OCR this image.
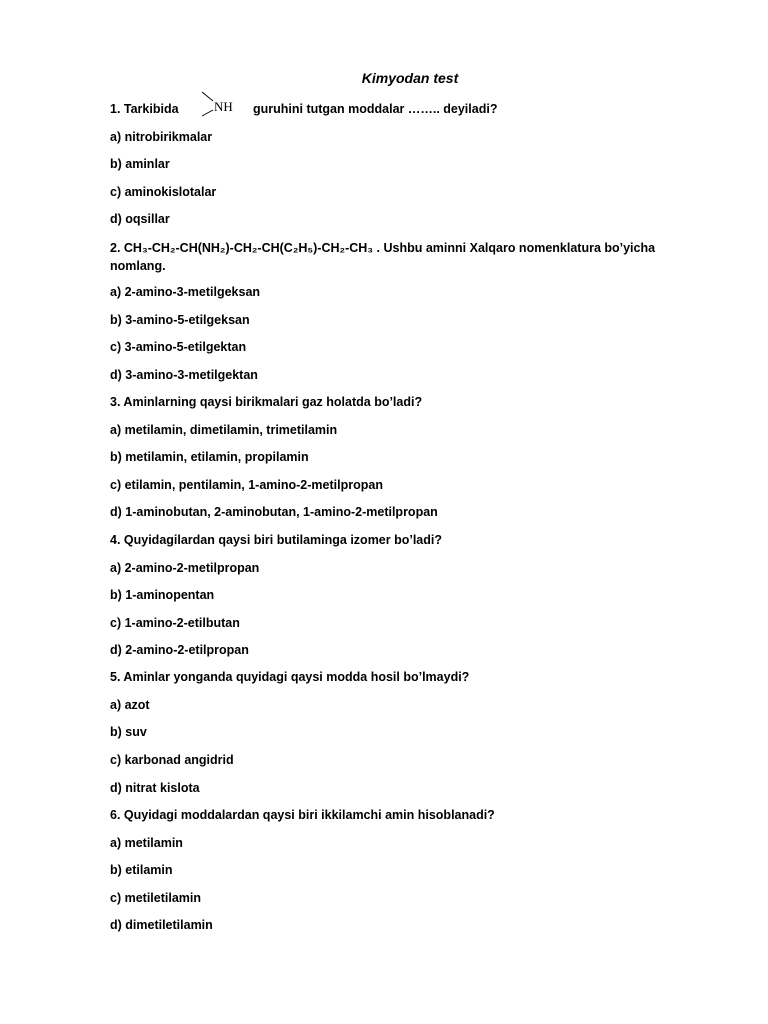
Kimyodan test
1. Tarkibida	NH guruhini tutgan moddalar …….. deyiladi?
a) nitrobirikmalar
b) aminlar
c) aminokislotalar
d) oqsillar
2. CH₃-CH₂-CH(NH₂)-CH₂-CH(C₂H₅)-CH₂-CH₃ . Ushbu aminni Xalqaro nomenklatura bo’yicha nomlang.
a) 2-amino-3-metilgeksan
b) 3-amino-5-etilgeksan
c) 3-amino-5-etilgektan
d) 3-amino-3-metilgektan
3. Aminlarning qaysi birikmalari gaz holatda bo’ladi?
a) metilamin, dimetilamin, trimetilamin
b) metilamin, etilamin, propilamin
c) etilamin, pentilamin, 1-amino-2-metilpropan
d) 1-aminobutan, 2-aminobutan, 1-amino-2-metilpropan
4. Quyidagilardan qaysi biri butilaminga izomer bo’ladi?
a) 2-amino-2-metilpropan
b) 1-aminopentan
c) 1-amino-2-etilbutan
d) 2-amino-2-etilpropan
5. Aminlar yonganda quyidagi qaysi modda hosil bo’lmaydi?
a) azot
b) suv
c) karbonad angidrid
d) nitrat kislota
6. Quyidagi moddalardan qaysi biri ikkilamchi amin hisoblanadi?
a) metilamin
b) etilamin
c) metiletilamin
d) dimetiletilamin
